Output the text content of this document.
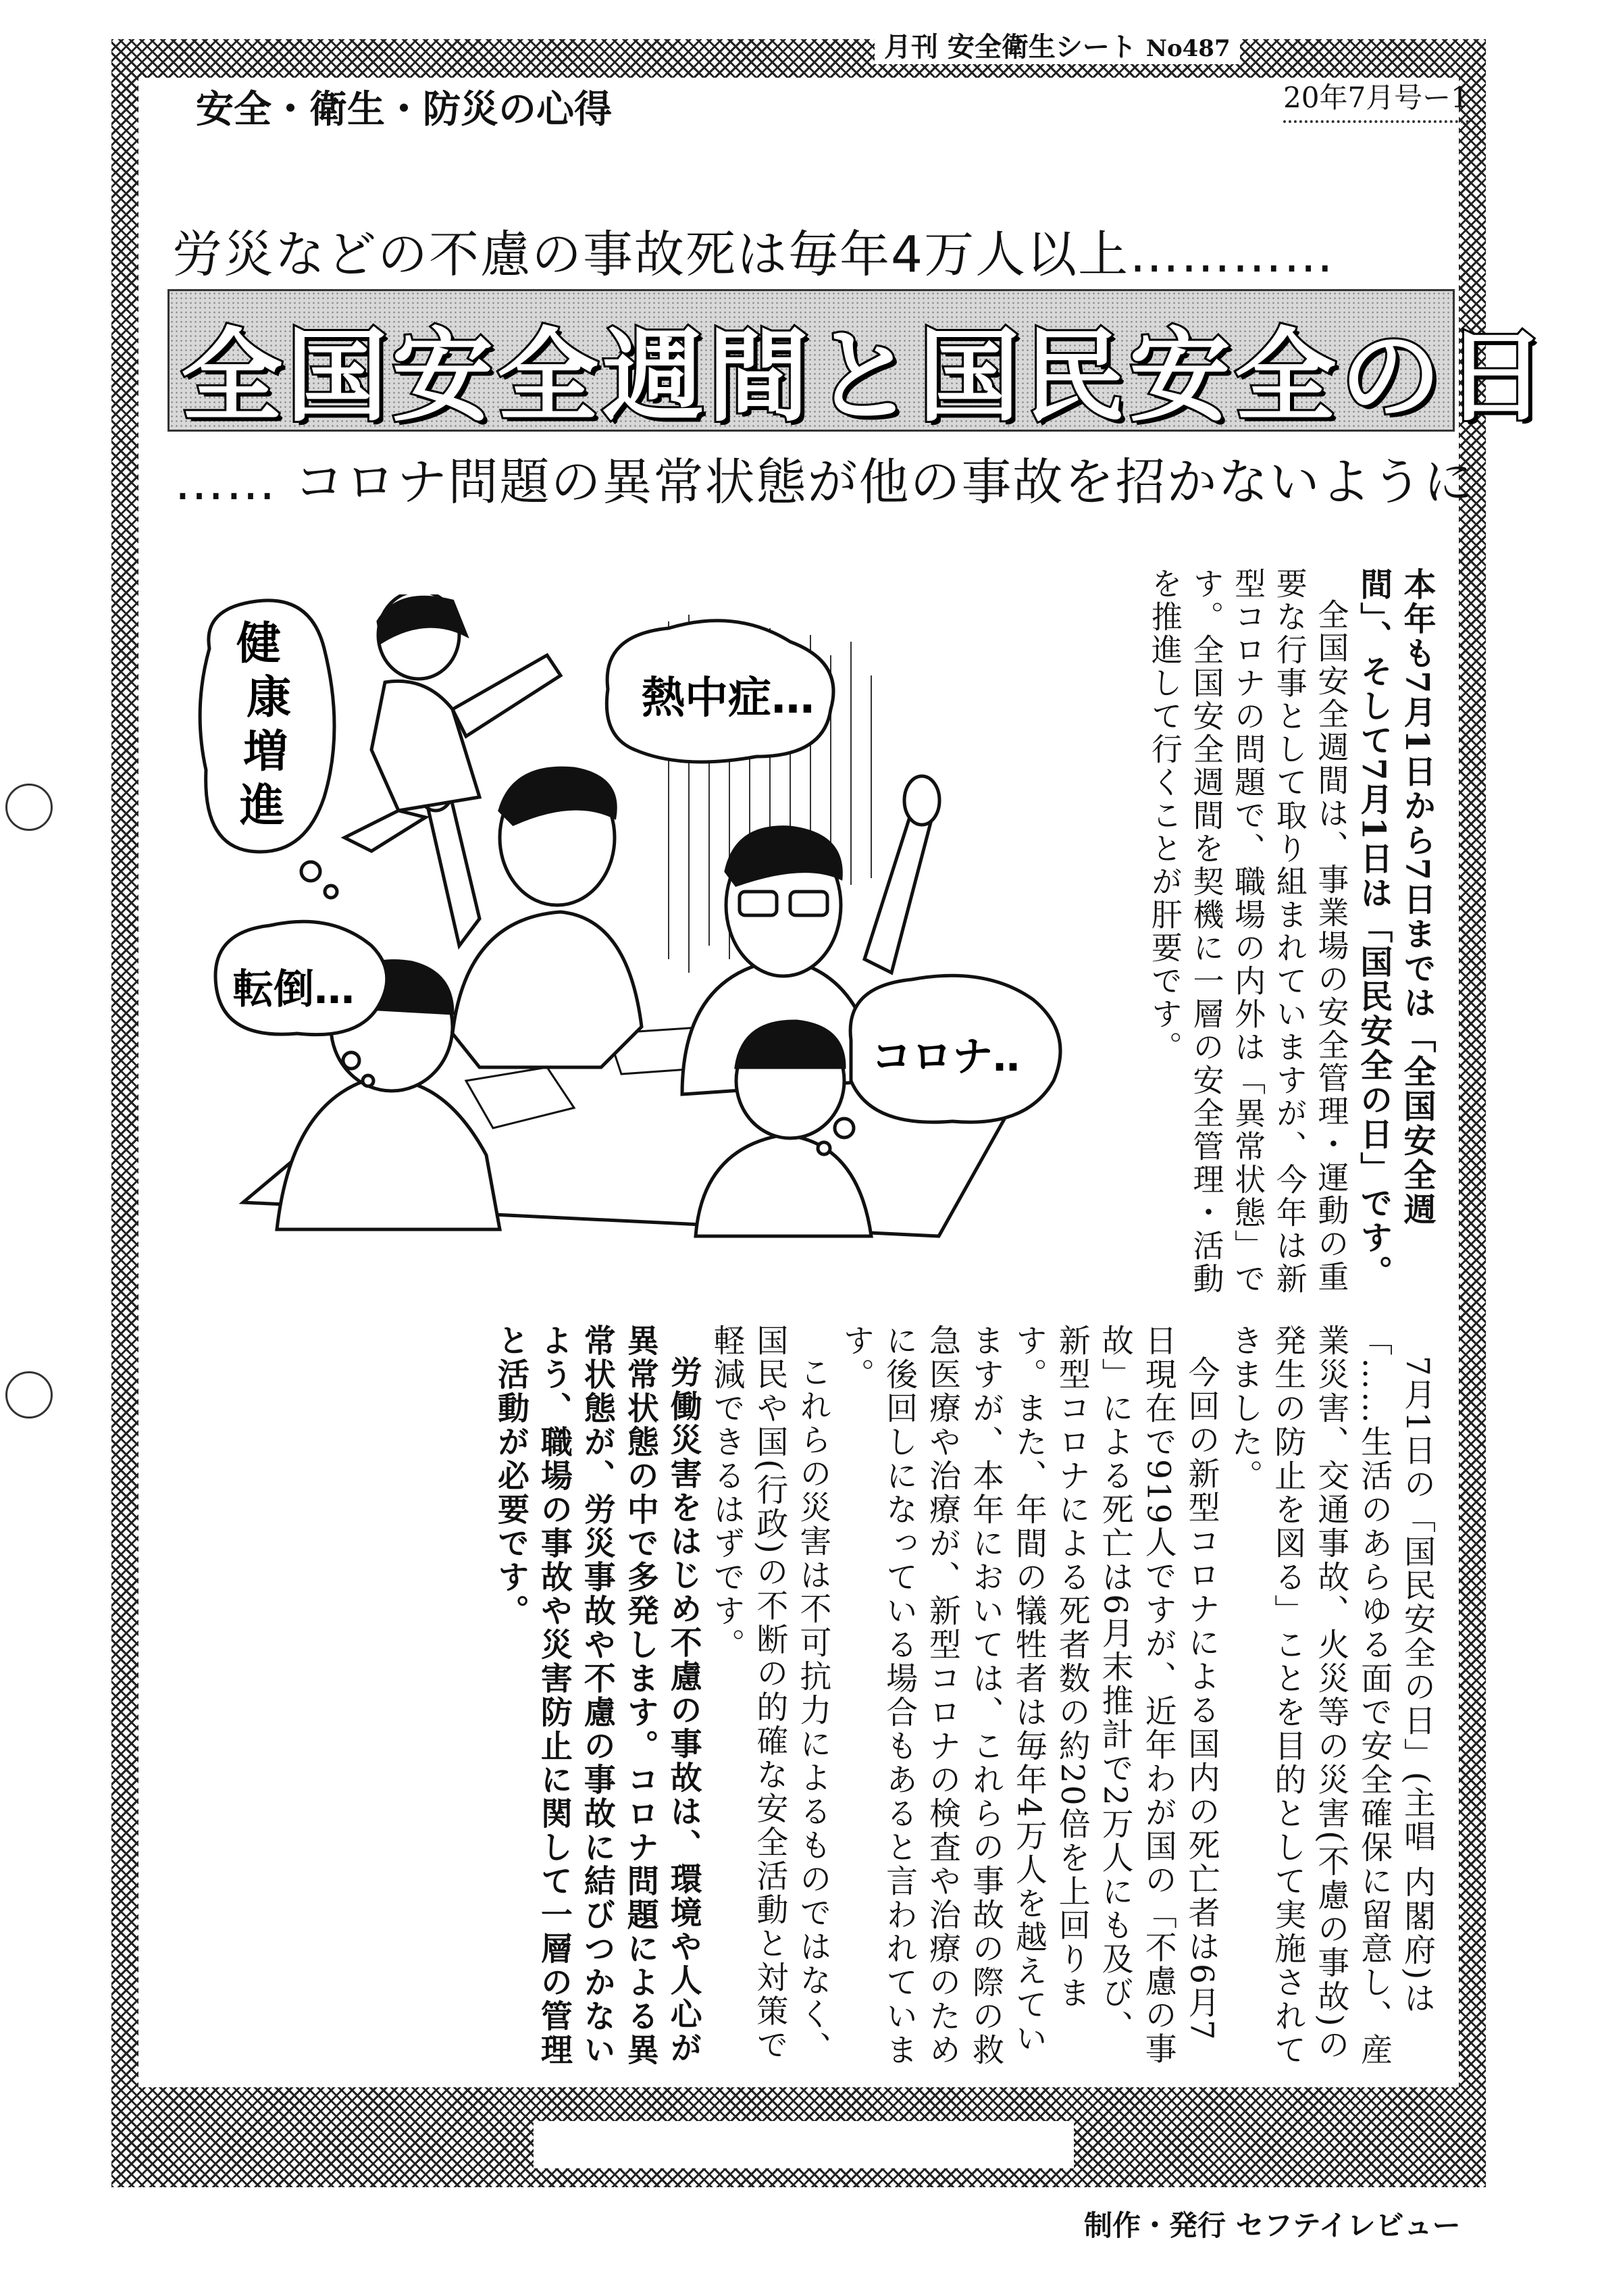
月刊 安全衛生シート No487
安全・衛生・防災の心得	20年7月号ー1
労災などの不慮の事故死は毎年4万人以上…………
全国安全週間と国民安全の日
…… コロナ問題の異常状態が他の事故を招かないように
健
康
増
進
熱中症…
転倒…
コロナ‥	本年も7月1日から7日までは「全国安全週間」、そして7月1日は「国民安全の日」です。
全国安全週間は、事業場の安全管理・運動の重要な行事として取り組まれていますが、今年は新型コロナの問題で、職場の内外は「異常状態」です。全国安全週間を契機に一層の安全管理・活動を推進して行くことが肝要です。
7月1日の「国民安全の日」(主唱 内閣府)は「……生活のあらゆる面で安全確保に留意し、産業災害、交通事故、火災等の災害(不慮の事故)の発生の防止を図る」ことを目的として実施されてきました。
今回の新型コロナによる国内の死亡者は6月7日現在で919人ですが、近年わが国の「不慮の事故」による死亡は6月末推計で2万人にも及び、新型コロナによる死者数の約20倍を上回ります。また、年間の犠牲者は毎年4万人を越えていますが、本年においては、これらの事故の際の救急医療や治療が、新型コロナの検査や治療のために後回しになっている場合もあると言われています。
これらの災害は不可抗力によるものではなく、国民や国(行政)の不断の的確な安全活動と対策で軽減できるはずです。
労働災害をはじめ不慮の事故は、環境や人心が異常状態の中で多発します。コロナ問題による異常状態が、労災事故や不慮の事故に結びつかないよう、職場の事故や災害防止に関して一層の管理と活動が必要です。
制作・発行 セフテイレビュー
